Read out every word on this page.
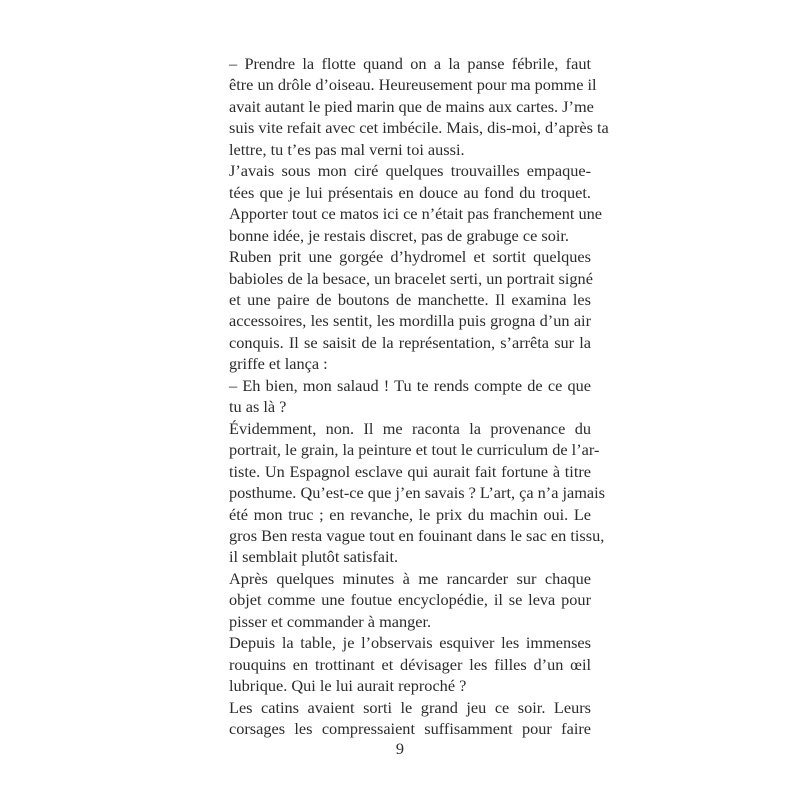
– Prendre la flotte quand on a la panse fébrile, faut
être un drôle d’oiseau. Heureusement pour ma pomme il
avait autant le pied marin que de mains aux cartes. J’me
suis vite refait avec cet imbécile. Mais, dis-moi, d’après ta
lettre, tu t’es pas mal verni toi aussi.
J’avais sous mon ciré quelques trouvailles empaque-
tées que je lui présentais en douce au fond du troquet.
Apporter tout ce matos ici ce n’était pas franchement une
bonne idée, je restais discret, pas de grabuge ce soir.
Ruben prit une gorgée d’hydromel et sortit quelques
babioles de la besace, un bracelet serti, un portrait signé
et une paire de boutons de manchette. Il examina les
accessoires, les sentit, les mordilla puis grogna d’un air
conquis. Il se saisit de la représentation, s’arrêta sur la
griffe et lança :
– Eh bien, mon salaud ! Tu te rends compte de ce que
tu as là ?
Évidemment, non. Il me raconta la provenance du
portrait, le grain, la peinture et tout le curriculum de l’ar-
tiste. Un Espagnol esclave qui aurait fait fortune à titre
posthume. Qu’est-ce que j’en savais ? L’art, ça n’a jamais
été mon truc ; en revanche, le prix du machin oui. Le
gros Ben resta vague tout en fouinant dans le sac en tissu,
il semblait plutôt satisfait.
Après quelques minutes à me rancarder sur chaque
objet comme une foutue encyclopédie, il se leva pour
pisser et commander à manger.
Depuis la table, je l’observais esquiver les immenses
rouquins en trottinant et dévisager les filles d’un œil
lubrique. Qui le lui aurait reproché ?
Les catins avaient sorti le grand jeu ce soir. Leurs
corsages les compressaient suffisamment pour faire
9
